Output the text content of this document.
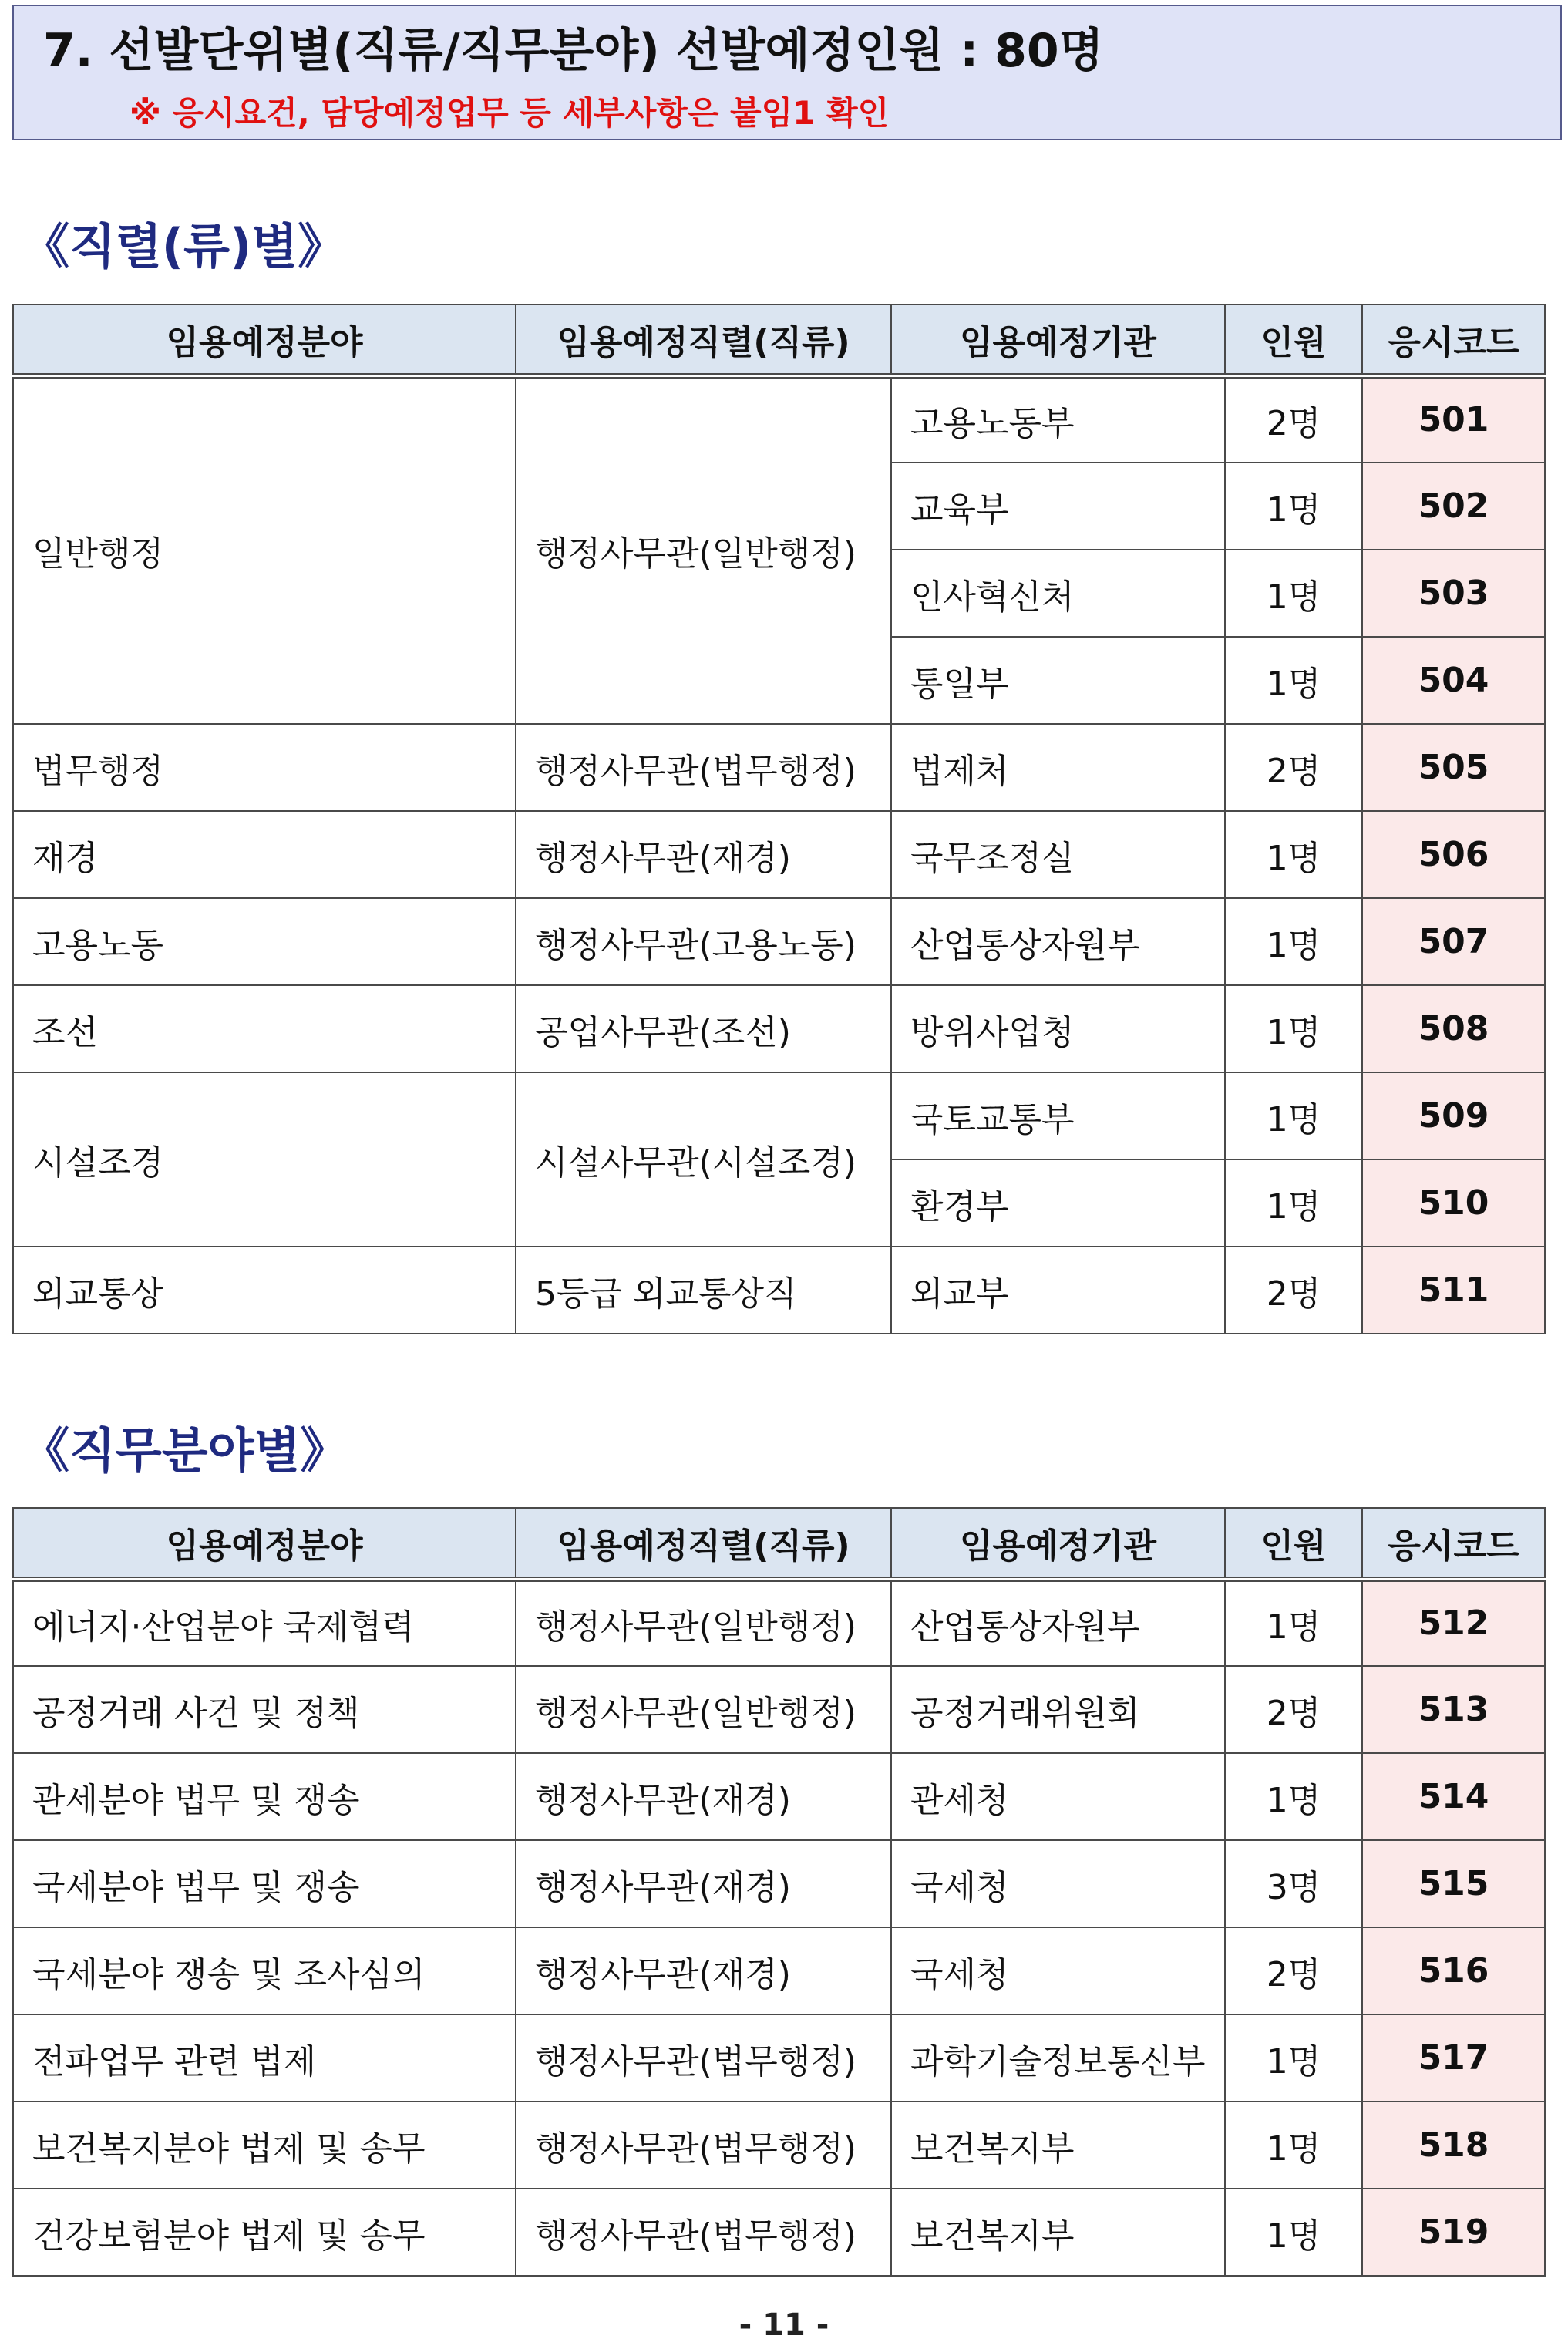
7. 선발단위별(직류/직무분야) 선발예정인원 : 80명
※ 응시요건, 담당예정업무 등 세부사항은 붙임1 확인
《직렬(류)별》
임용예정분야	임용예정직렬(직류)	임용예정기관	인원	응시코드
일반행정	행정사무관(일반행정)	고용노동부	2명	501
		교육부	1명	502
		인사혁신처	1명	503
		통일부	1명	504
법무행정	행정사무관(법무행정)	법제처	2명	505
재경	행정사무관(재경)	국무조정실	1명	506
고용노동	행정사무관(고용노동)	산업통상자원부	1명	507
조선	공업사무관(조선)	방위사업청	1명	508
시설조경	시설사무관(시설조경)	국토교통부	1명	509
		환경부	1명	510
외교통상	5등급 외교통상직	외교부	2명	511
《직무분야별》
임용예정분야	임용예정직렬(직류)	임용예정기관	인원	응시코드
에너지·산업분야 국제협력	행정사무관(일반행정)	산업통상자원부	1명	512
공정거래 사건 및 정책	행정사무관(일반행정)	공정거래위원회	2명	513
관세분야 법무 및 쟁송	행정사무관(재경)	관세청	1명	514
국세분야 법무 및 쟁송	행정사무관(재경)	국세청	3명	515
국세분야 쟁송 및 조사심의	행정사무관(재경)	국세청	2명	516
전파업무 관련 법제	행정사무관(법무행정)	과학기술정보통신부	1명	517
보건복지분야 법제 및 송무	행정사무관(법무행정)	보건복지부	1명	518
건강보험분야 법제 및 송무	행정사무관(법무행정)	보건복지부	1명	519
- 11 -
